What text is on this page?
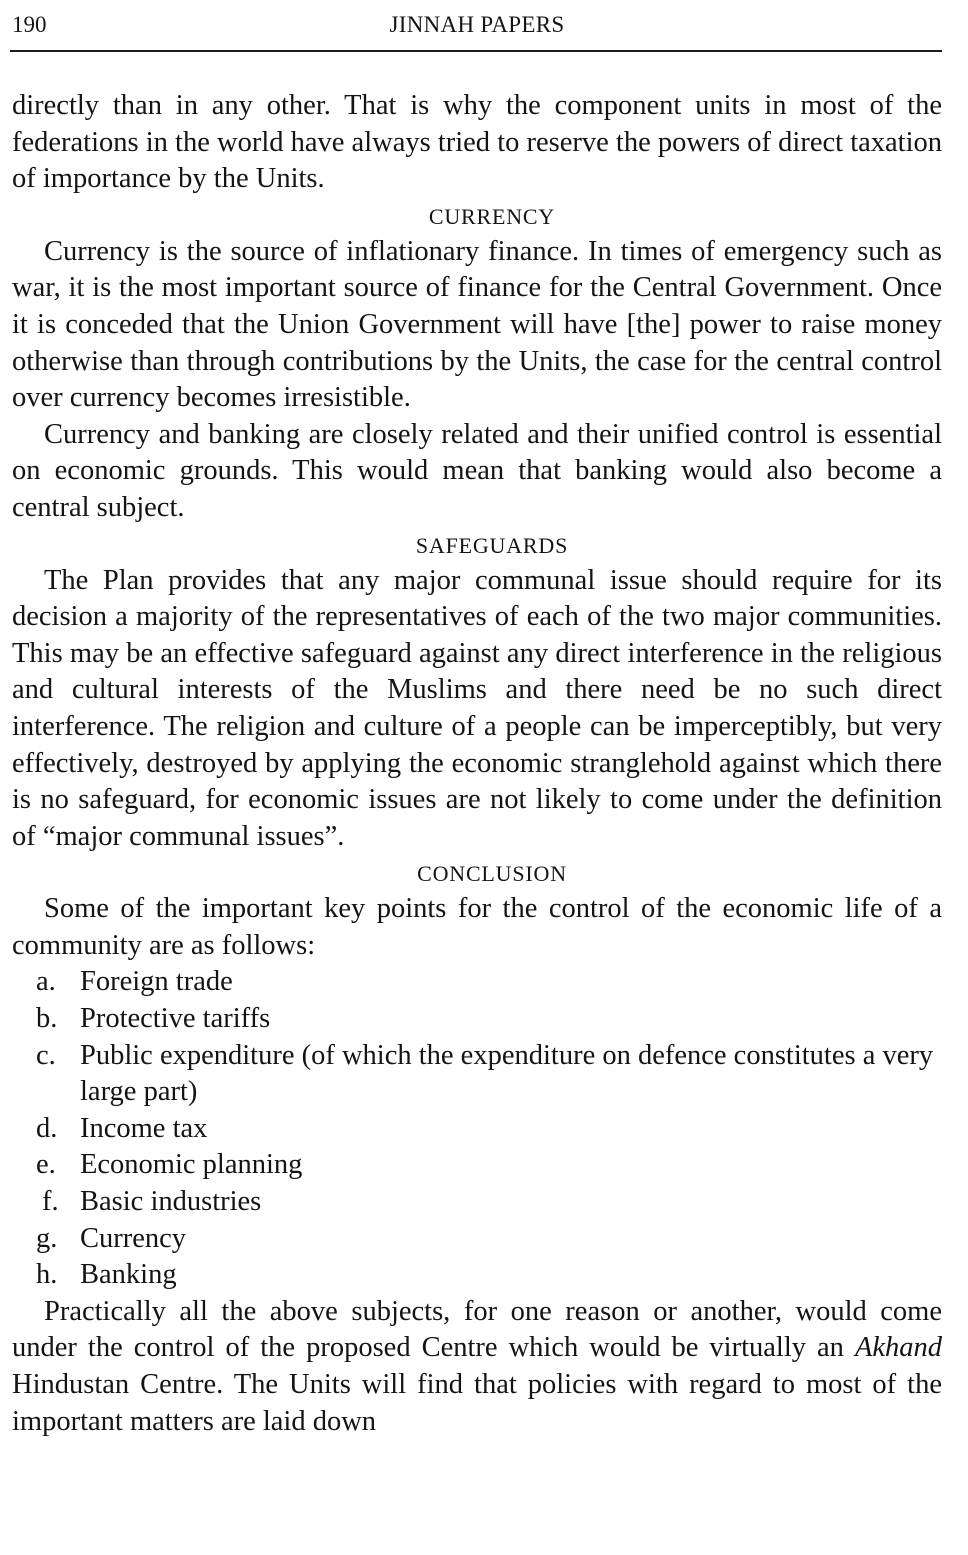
190	JINNAH PAPERS

directly than in any other. That is why the component units in most of the federations in the world have always tried to reserve the powers of direct taxation of importance by the Units.

CURRENCY

Currency is the source of inflationary finance. In times of emergency such as war, it is the most important source of finance for the Central Government. Once it is conceded that the Union Government will have [the] power to raise money otherwise than through contributions by the Units, the case for the central control over currency becomes irresistible.

Currency and banking are closely related and their unified control is essential on economic grounds. This would mean that banking would also become a central subject.

SAFEGUARDS

The Plan provides that any major communal issue should require for its decision a majority of the representatives of each of the two major communities. This may be an effective safeguard against any direct interference in the religious and cultural interests of the Muslims and there need be no such direct interference. The religion and culture of a people can be imperceptibly, but very effectively, destroyed by applying the economic stranglehold against which there is no safeguard, for economic issues are not likely to come under the definition of “major communal issues”.

CONCLUSION

Some of the important key points for the control of the economic life of a community are as follows:

a. Foreign trade
b. Protective tariffs
c. Public expenditure (of which the expenditure on defence constitutes a very large part)
d. Income tax
e. Economic planning
f. Basic industries
g. Currency
h. Banking

Practically all the above subjects, for one reason or another, would come under the control of the proposed Centre which would be virtually an Akhand Hindustan Centre. The Units will find that policies with regard to most of the important matters are laid down
